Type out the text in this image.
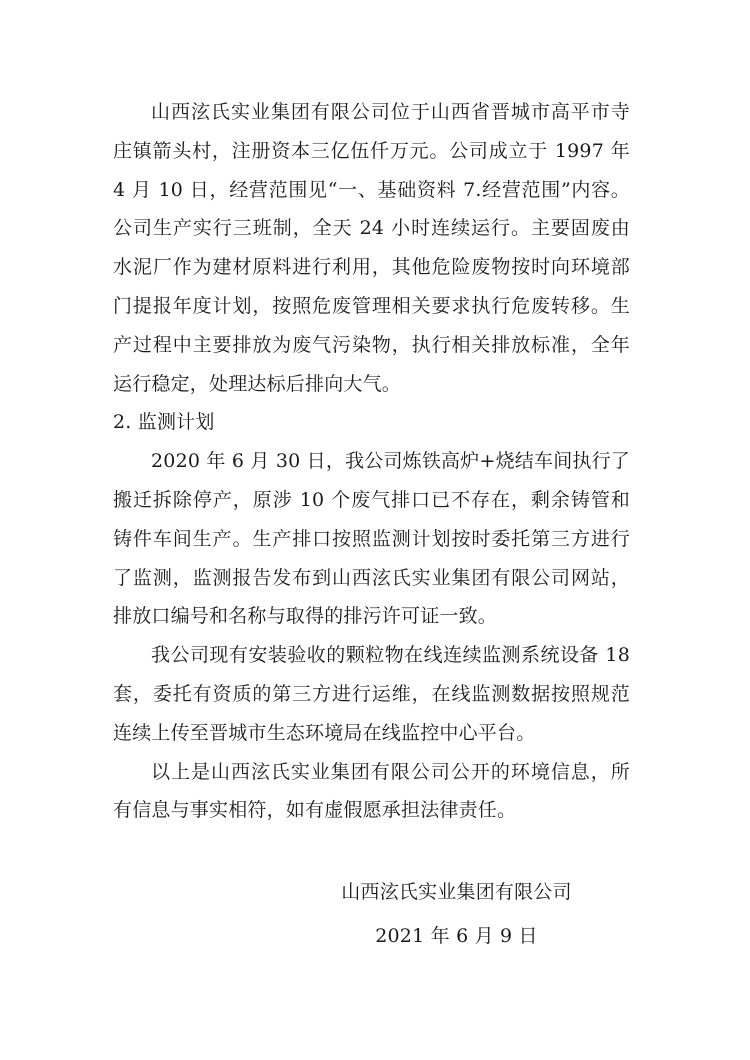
山西泫氏实业集团有限公司位于山西省晋城市高平市寺庄镇箭头村，注册资本三亿伍仟万元。公司成立于 1997 年 4 月 10 日，经营范围见“一、基础资料 7.经营范围”内容。公司生产实行三班制，全天 24 小时连续运行。主要固废由水泥厂作为建材原料进行利用，其他危险废物按时向环境部门提报年度计划，按照危废管理相关要求执行危废转移。生产过程中主要排放为废气污染物，执行相关排放标准，全年运行稳定，处理达标后排向大气。

2. 监测计划

2020 年 6 月 30 日，我公司炼铁高炉+烧结车间执行了搬迁拆除停产，原涉 10 个废气排口已不存在，剩余铸管和铸件车间生产。生产排口按照监测计划按时委托第三方进行了监测，监测报告发布到山西泫氏实业集团有限公司网站，排放口编号和名称与取得的排污许可证一致。

我公司现有安装验收的颗粒物在线连续监测系统设备 18 套，委托有资质的第三方进行运维，在线监测数据按照规范连续上传至晋城市生态环境局在线监控中心平台。

以上是山西泫氏实业集团有限公司公开的环境信息，所有信息与事实相符，如有虚假愿承担法律责任。

山西泫氏实业集团有限公司
2021 年 6 月 9 日
